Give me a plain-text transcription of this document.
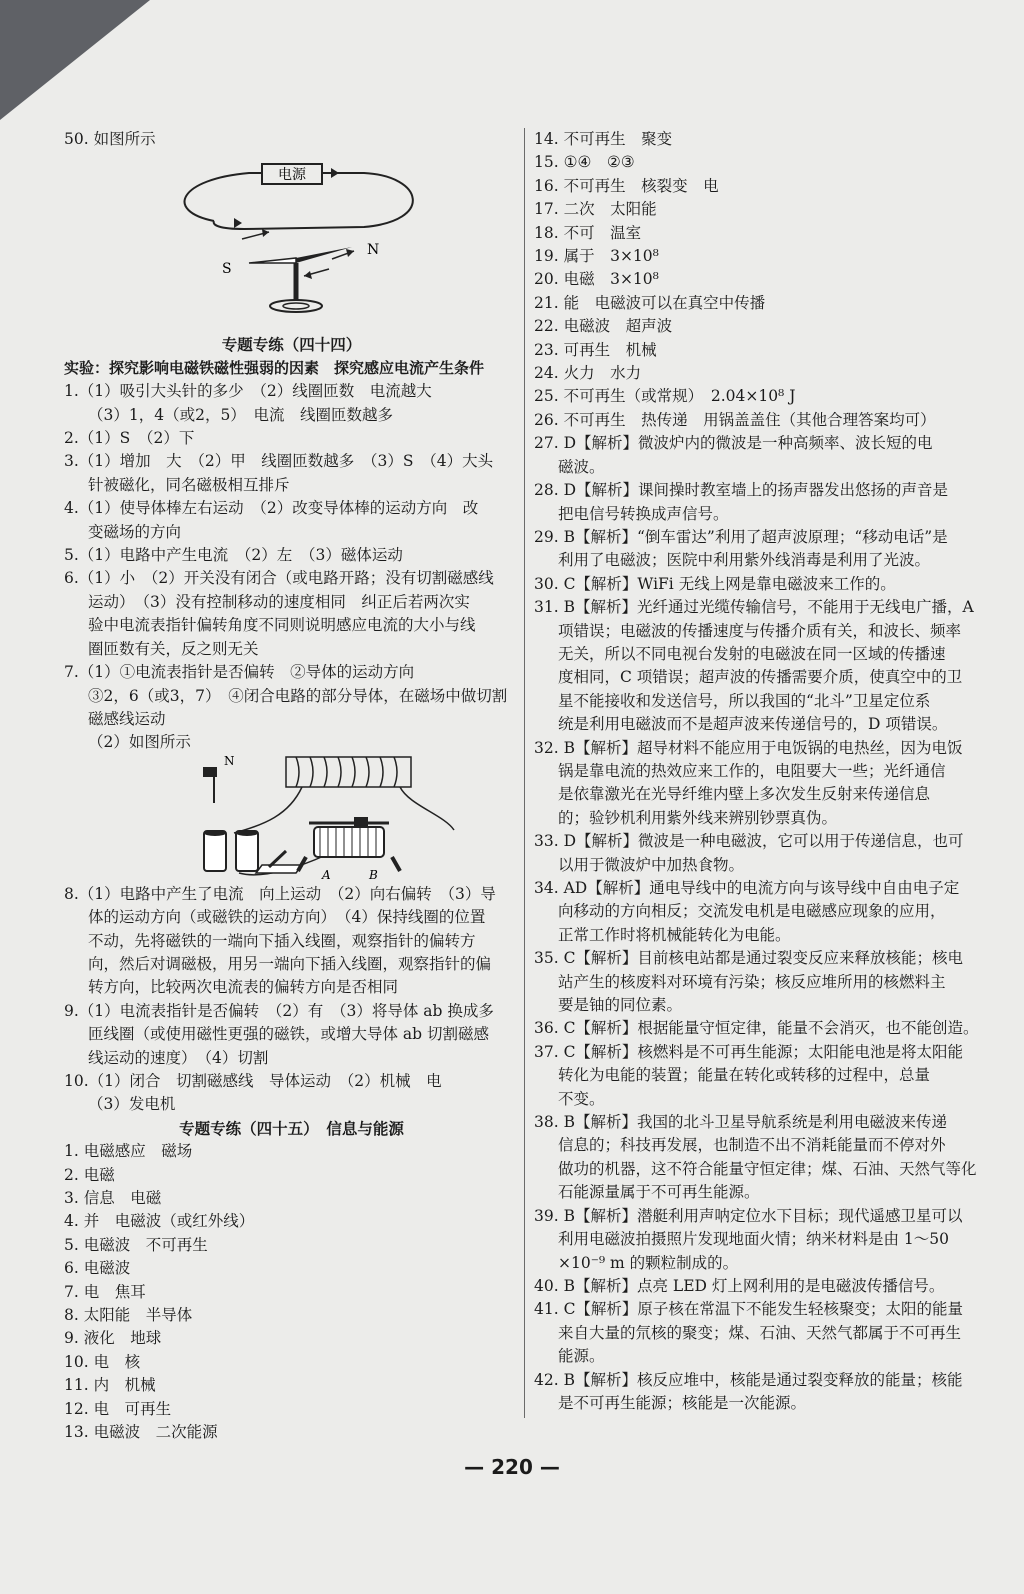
50. 如图所示
电源
S
N
专题专练（四十四）
实验：探究影响电磁铁磁性强弱的因素　探究感应电流产生条件
1.（1）吸引大头针的多少　（2）线圈匝数　电流越大
（3）1，4（或2，5）　电流　线圈匝数越多
2.（1）S　（2）下
3.（1）增加　大　（2）甲　线圈匝数越多　（3）S　（4）大头
针被磁化，同名磁极相互排斥
4.（1）使导体棒左右运动　（2）改变导体棒的运动方向　改
变磁场的方向
5.（1）电路中产生电流　（2）左　（3）磁体运动
6.（1）小　（2）开关没有闭合（或电路开路；没有切割磁感线
运动）　（3）没有控制移动的速度相同　纠正后若两次实
验中电流表指针偏转角度不同则说明感应电流的大小与线
圈匝数有关，反之则无关
7.（1）①电流表指针是否偏转　②导体的运动方向
③2，6（或3，7）　④闭合电路的部分导体，在磁场中做切割
磁感线运动
（2）如图所示
N
A	B
8.（1）电路中产生了电流　向上运动　（2）向右偏转　（3）导
体的运动方向（或磁铁的运动方向）　（4）保持线圈的位置
不动，先将磁铁的一端向下插入线圈，观察指针的偏转方
向，然后对调磁极，用另一端向下插入线圈，观察指针的偏
转方向，比较两次电流表的偏转方向是否相同
9.（1）电流表指针是否偏转　（2）有　（3）将导体 ab 换成多
匝线圈（或使用磁性更强的磁铁，或增大导体 ab 切割磁感
线运动的速度）　（4）切割
10.（1）闭合　切割磁感线　导体运动　（2）机械　电
（3）发电机
专题专练（四十五）　信息与能源
1. 电磁感应　磁场
2. 电磁
3. 信息　电磁
4. 并　电磁波（或红外线）
5. 电磁波　不可再生
6. 电磁波
7. 电　焦耳
8. 太阳能　半导体
9. 液化　地球
10. 电　核
11. 内　机械
12. 电　可再生
13. 电磁波　二次能源
14. 不可再生　聚变
15. ①④　②③
16. 不可再生　核裂变　电
17. 二次　太阳能
18. 不可　温室
19. 属于　3×10⁸
20. 电磁　3×10⁸
21. 能　电磁波可以在真空中传播
22. 电磁波　超声波
23. 可再生　机械
24. 火力　水力
25. 不可再生（或常规）　2.04×10⁸ J
26. 不可再生　热传递　用锅盖盖住（其他合理答案均可）
27. D【解析】微波炉内的微波是一种高频率、波长短的电
磁波。
28. D【解析】课间操时教室墙上的扬声器发出悠扬的声音是
把电信号转换成声信号。
29. B【解析】“倒车雷达”利用了超声波原理；“移动电话”是
利用了电磁波；医院中利用紫外线消毒是利用了光波。
30. C【解析】WiFi 无线上网是靠电磁波来工作的。
31. B【解析】光纤通过光缆传输信号，不能用于无线电广播，A
项错误；电磁波的传播速度与传播介质有关，和波长、频率
无关，所以不同电视台发射的电磁波在同一区域的传播速
度相同，C 项错误；超声波的传播需要介质，使真空中的卫
星不能接收和发送信号，所以我国的“北斗”卫星定位系
统是利用电磁波而不是超声波来传递信号的，D 项错误。
32. B【解析】超导材料不能应用于电饭锅的电热丝，因为电饭
锅是靠电流的热效应来工作的，电阻要大一些；光纤通信
是依靠激光在光导纤维内壁上多次发生反射来传递信息
的；验钞机利用紫外线来辨别钞票真伪。
33. D【解析】微波是一种电磁波，它可以用于传递信息，也可
以用于微波炉中加热食物。
34. AD【解析】通电导线中的电流方向与该导线中自由电子定
向移动的方向相反；交流发电机是电磁感应现象的应用，
正常工作时将机械能转化为电能。
35. C【解析】目前核电站都是通过裂变反应来释放核能；核电
站产生的核废料对环境有污染；核反应堆所用的核燃料主
要是铀的同位素。
36. C【解析】根据能量守恒定律，能量不会消灭，也不能创造。
37. C【解析】核燃料是不可再生能源；太阳能电池是将太阳能
转化为电能的装置；能量在转化或转移的过程中，总量
不变。
38. B【解析】我国的北斗卫星导航系统是利用电磁波来传递
信息的；科技再发展，也制造不出不消耗能量而不停对外
做功的机器，这不符合能量守恒定律；煤、石油、天然气等化
石能源量属于不可再生能源。
39. B【解析】潜艇利用声呐定位水下目标；现代遥感卫星可以
利用电磁波拍摄照片发现地面火情；纳米材料是由 1～50
×10⁻⁹ m 的颗粒制成的。
40. B【解析】点亮 LED 灯上网利用的是电磁波传播信号。
41. C【解析】原子核在常温下不能发生轻核聚变；太阳的能量
来自大量的氘核的聚变；煤、石油、天然气都属于不可再生
能源。
42. B【解析】核反应堆中，核能是通过裂变释放的能量；核能
是不可再生能源；核能是一次能源。
— 220 —
